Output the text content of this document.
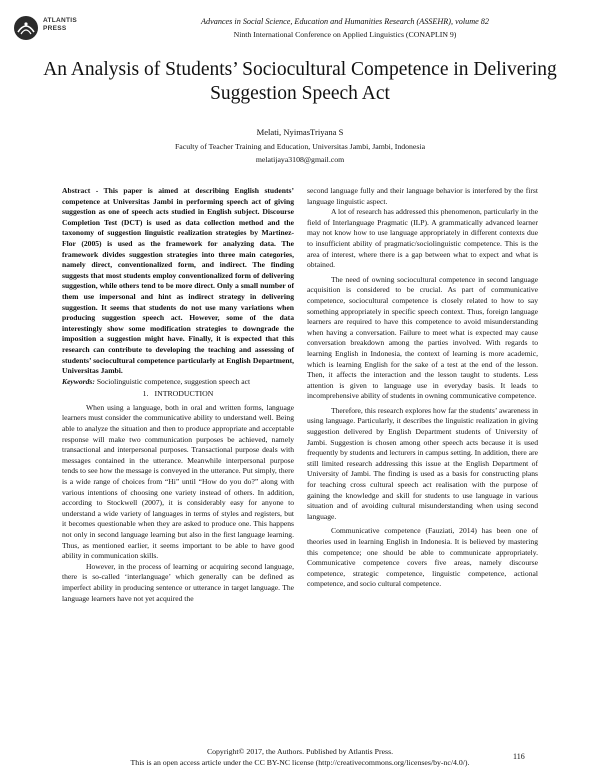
ATLANTIS
PRESS
Advances in Social Science, Education and Humanities Research (ASSEHR), volume 82
Ninth International Conference on Applied Linguistics (CONAPLIN 9)
An Analysis of Students’ Sociocultural Competence in Delivering Suggestion Speech Act
Melati, NyimasTriyana S
Faculty of Teacher Training and Education, Universitas Jambi, Jambi, Indonesia
melatijaya3108@gmail.com

Abstract - This paper is aimed at describing English students’ competence at Universitas Jambi in performing speech act of giving suggestion as one of speech acts studied in English subject. Discourse Completion Test (DCT) is used as data collection method and the taxonomy of suggestion linguistic realization strategies by Martinez-Flor (2005) is used as the framework for analyzing data. The framework divides suggestion strategies into three main categories, namely direct, conventionalized form, and indirect. The finding suggests that most students employ conventionalized form of delivering suggestion, while others tend to be more direct. Only a small number of them use impersonal and hint as indirect strategy in delivering suggestion. It seems that students do not use many variations when producing suggestion speech act. However, some of the data interestingly show some modification strategies to downgrade the imposition a suggestion might have. Finally, it is expected that this research can contribute to developing the teaching and assessing of students’ sociocultural competence particularly at English Department, Universitas Jambi.

Keywords: Sociolinguistic competence, suggestion speech act

1. INTRODUCTION

When using a language, both in oral and written forms, language learners must consider the communicative ability to understand well. Being able to analyze the situation and then to produce appropriate and acceptable response will make two communication purposes be achieved, namely transactional and interpersonal purposes. Transactional purpose deals with messages contained in the utterance. Meanwhile interpersonal purpose tends to see how the message is conveyed in the utterance. Put simply, there is a wide range of choices from “Hi” until “How do you do?” along with various intentions of choosing one variety instead of others. In addition, according to Stockwell (2007), it is considerably easy for anyone to understand a wide variety of languages in terms of styles and registers, but it becomes questionable when they are asked to produce one. This happens not only in second language learning but also in the first language learning. Thus, as mentioned earlier, it seems important to be able to have good ability in communication skills.

However, in the process of learning or acquiring second language, there is so-called ‘interlanguage’ which generally can be defined as imperfect ability in producing sentence or utterance in target language. The language learners have not yet acquired the

second language fully and their language behavior is interfered by the first language linguistic aspect.

A lot of research has addressed this phenomenon, particularly in the field of Interlanguage Pragmatic (ILP). A grammatically advanced learner may not know how to use language appropriately in different contexts due to insufficient ability of pragmatic/sociolinguistic competence. This is the area of interest, where there is a gap between what to expect and what is obtained.

The need of owning sociocultural competence in second language acquisition is considered to be crucial. As part of communicative competence, sociocultural competence is closely related to how to say something appropriately in specific speech context. Thus, foreign language learners are required to have this competence to avoid misunderstanding when having a conversation. Failure to meet what is expected may cause conversation breakdown among the parties involved. With regards to learning English in Indonesia, the context of learning is more academic, which is learning English for the sake of a test at the end of the lesson. Then, it affects the interaction and the lesson taught to students. Less attention is given to language use in everyday basis. It leads to incomprehensive ability of students in owning communicative competence.

Therefore, this research explores how far the students’ awareness in using language. Particularly, it describes the linguistic realization in giving suggestion delivered by English Department students of University of Jambi. Suggestion is chosen among other speech acts because it is used frequently by students and lecturers in campus setting. In addition, there are still limited research addressing this issue at the English Department of University of Jambi. The finding is used as a basis for constructing plans for teaching cross cultural speech act realisation with the purpose of gaining the knowledge and skill for students to use language in various situation and of avoiding cultural misunderstanding when using second language.

Communicative competence (Fauziati, 2014) has been one of theories used in learning English in Indonesia. It is believed by mastering this competence; one should be able to communicate appropriately. Communicative competence covers five areas, namely discourse competence, strategic competence, linguistic competence, actional competence, and socio cultural competence.

Copyright© 2017, the Authors. Published by Atlantis Press.
This is an open access article under the CC BY-NC license (http://creativecommons.org/licenses/by-nc/4.0/).
116
